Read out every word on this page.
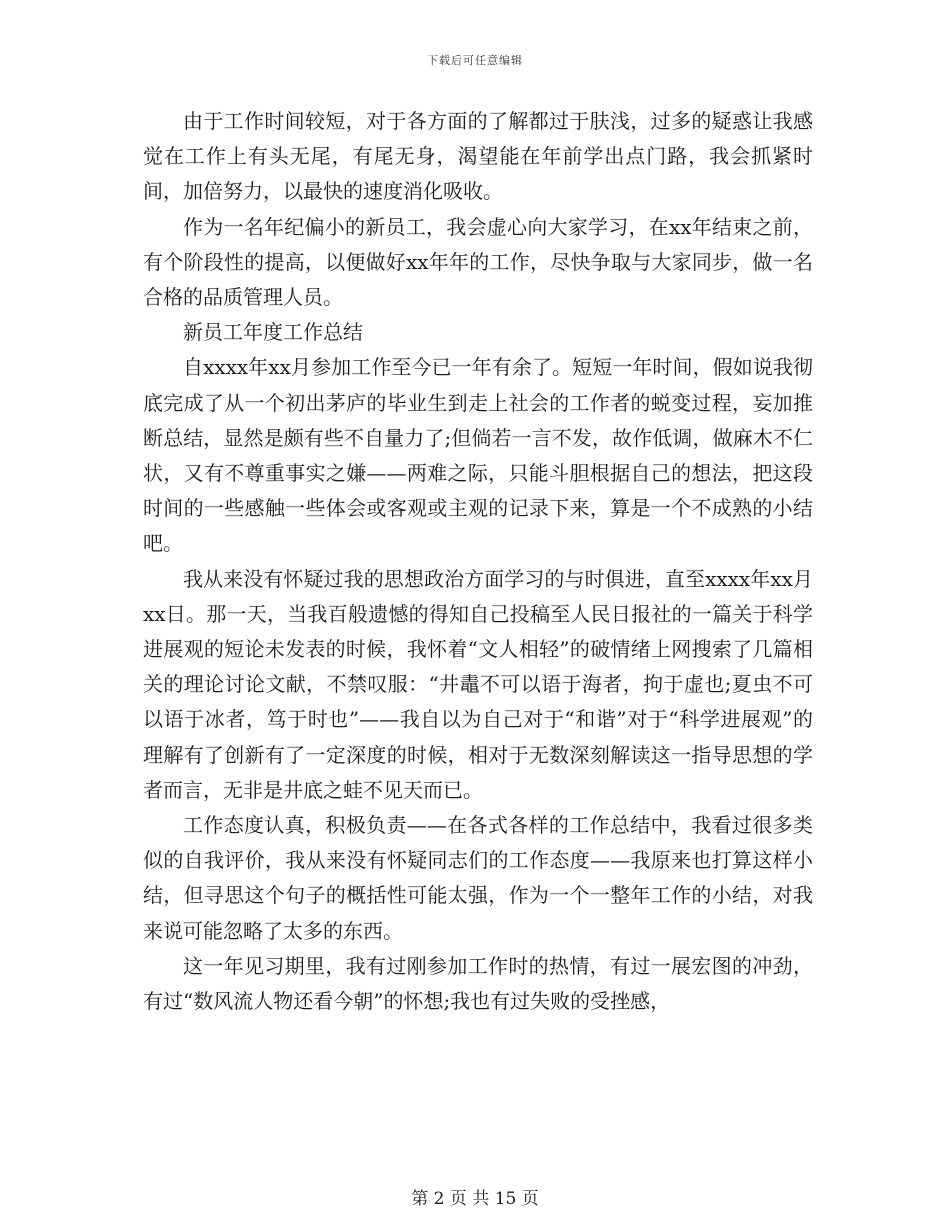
下载后可任意编辑

由于工作时间较短，对于各方面的了解都过于肤浅，过多的疑惑让我感觉在工作上有头无尾，有尾无身，渴望能在年前学出点门路，我会抓紧时间，加倍努力，以最快的速度消化吸收。

作为一名年纪偏小的新员工，我会虚心向大家学习，在xx年结束之前，有个阶段性的提高，以便做好xx年年的工作，尽快争取与大家同步，做一名合格的品质管理人员。

新员工年度工作总结

自xxxx年xx月参加工作至今已一年有余了。短短一年时间，假如说我彻底完成了从一个初出茅庐的毕业生到走上社会的工作者的蜕变过程，妄加推断总结，显然是颇有些不自量力了;但倘若一言不发，故作低调，做麻木不仁状，又有不尊重事实之嫌——两难之际，只能斗胆根据自己的想法，把这段时间的一些感触一些体会或客观或主观的记录下来，算是一个不成熟的小结吧。

我从来没有怀疑过我的思想政治方面学习的与时俱进，直至xxxx年xx月xx日。那一天，当我百般遗憾的得知自己投稿至人民日报社的一篇关于科学进展观的短论未发表的时候，我怀着“文人相轻”的破情绪上网搜索了几篇相关的理论讨论文献，不禁叹服：“井鼃不可以语于海者，拘于虚也;夏虫不可以语于冰者，笃于时也”——我自以为自己对于“和谐”对于“科学进展观”的理解有了创新有了一定深度的时候，相对于无数深刻解读这一指导思想的学者而言，无非是井底之蛙不见天而已。

工作态度认真，积极负责——在各式各样的工作总结中，我看过很多类似的自我评价，我从来没有怀疑同志们的工作态度——我原来也打算这样小结，但寻思这个句子的概括性可能太强，作为一个一整年工作的小结，对我来说可能忽略了太多的东西。

这一年见习期里，我有过刚参加工作时的热情，有过一展宏图的冲劲，有过“数风流人物还看今朝”的怀想;我也有过失败的受挫感，

第 2 页 共 15 页
